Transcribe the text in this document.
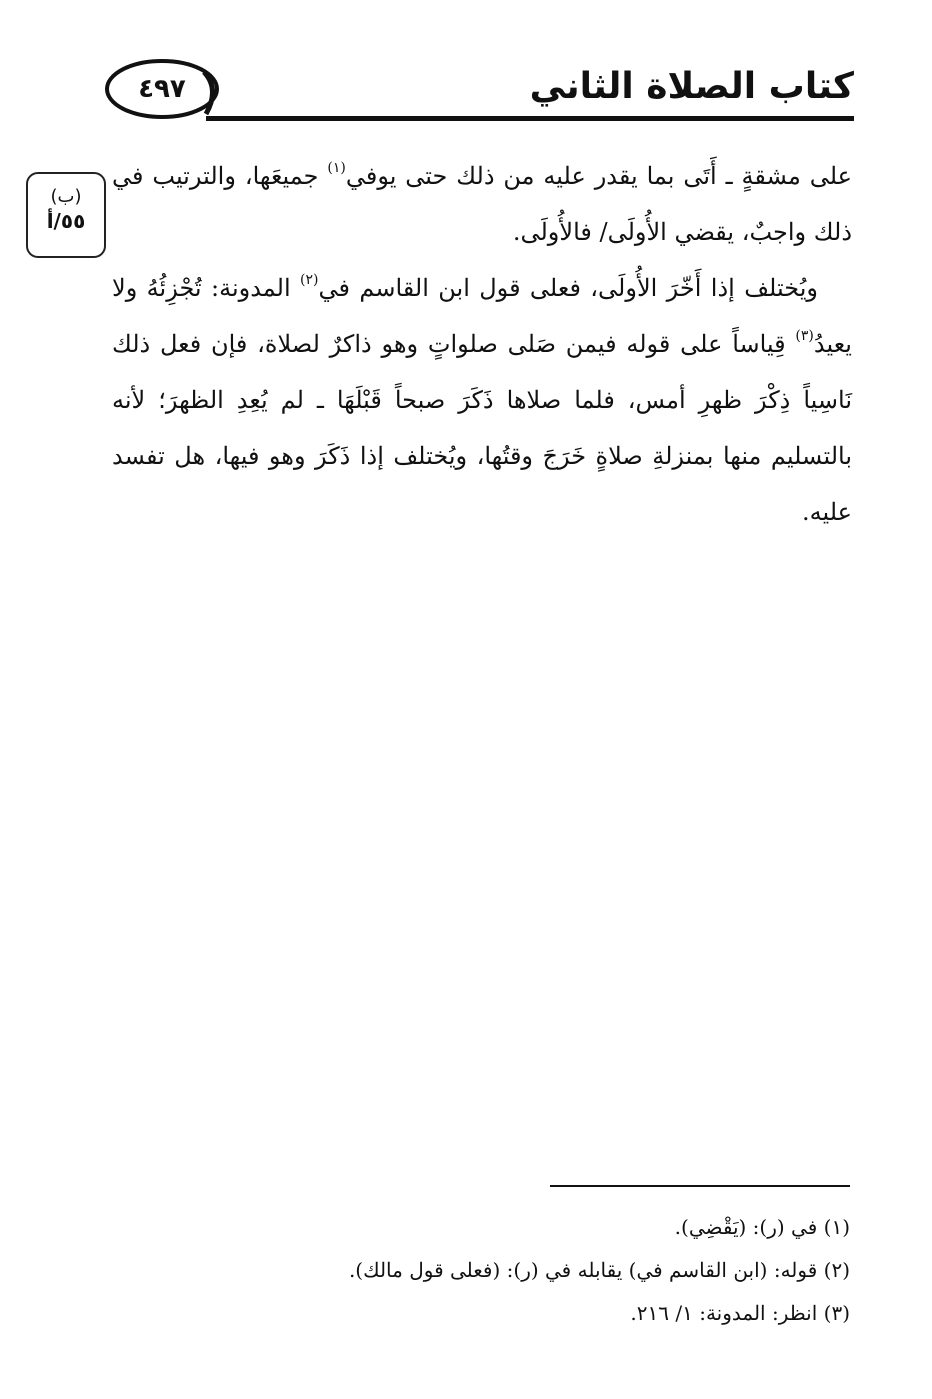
٤٩٧	كتاب الصلاة الثاني
(ب)
٥٥/أ

على مشقةٍ ـ أَتَى بما يقدر عليه من ذلك حتى يوفي$^{(١)}$ جميعَها، والترتيب في ذلك واجبٌ، يقضي الأُولَى/ فالأُولَى.

ويُختلف إذا أَخّرَ الأُولَى، فعلى قول ابن القاسم في$^{(٢)}$ المدونة: تُجْزِئُهُ ولا يعيدُ$^{(٣)}$ قِياساً على قوله فيمن صَلى صلواتٍ وهو ذاكرٌ لصلاة، فإن فعل ذلك نَاسِياً ذِكْرَ ظهرِ أمس، فلما صلاها ذَكَرَ صبحاً قَبْلَهَا ـ لم يُعِدِ الظهرَ؛ لأنه بالتسليم منها بمنزلةِ صلاةٍ خَرَجَ وقتُها، ويُختلف إذا ذَكَرَ وهو فيها، هل تفسد عليه.

(١) في (ر): (يَقْضِي).
(٢) قوله: (ابن القاسم في) يقابله في (ر): (فعلى قول مالك).
(٣) انظر: المدونة: ١/ ٢١٦.
